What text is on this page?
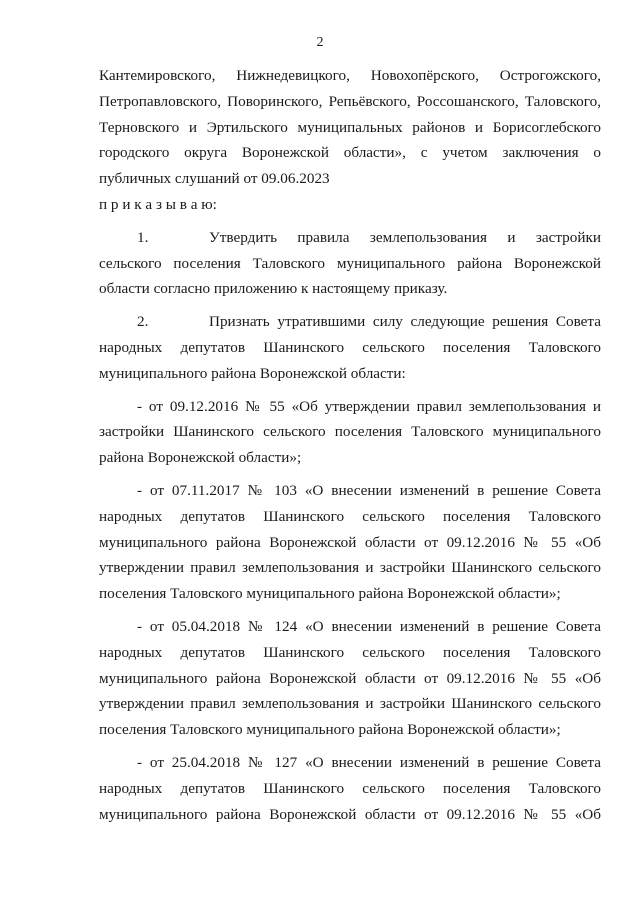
2
Кантемировского, Нижнедевицкого, Новохопёрского, Острогожского,
Петропавловского, Поворинского, Репьёвского, Россошанского, Таловского,
Терновского и Эртильского муниципальных районов и Борисоглебского
городского округа Воронежской области», с учетом заключения о
публичных слушаний от 09.06.2023
п р и к а з ы в а ю:
1.	Утвердить правила землепользования и застройки
сельского поселения Таловского муниципального района Воронежской
области согласно приложению к настоящему приказу.
2.	Признать утратившими силу следующие решения Совета
народных депутатов Шанинского сельского поселения Таловского
муниципального района Воронежской области:
- от 09.12.2016 № 55 «Об утверждении правил землепользования и
застройки Шанинского сельского поселения Таловского муниципального
района Воронежской области»;
- от 07.11.2017 № 103 «О внесении изменений в решение Совета
народных депутатов Шанинского сельского поселения Таловского
муниципального района Воронежской области от 09.12.2016 № 55 «Об
утверждении правил землепользования и застройки Шанинского сельского
поселения Таловского муниципального района Воронежской области»;
- от 05.04.2018 № 124 «О внесении изменений в решение Совета
народных депутатов Шанинского сельского поселения Таловского
муниципального района Воронежской области от 09.12.2016 № 55 «Об
утверждении правил землепользования и застройки Шанинского сельского
поселения Таловского муниципального района Воронежской области»;
- от 25.04.2018 № 127 «О внесении изменений в решение Совета
народных депутатов Шанинского сельского поселения Таловского
муниципального района Воронежской области от 09.12.2016 № 55 «Об
